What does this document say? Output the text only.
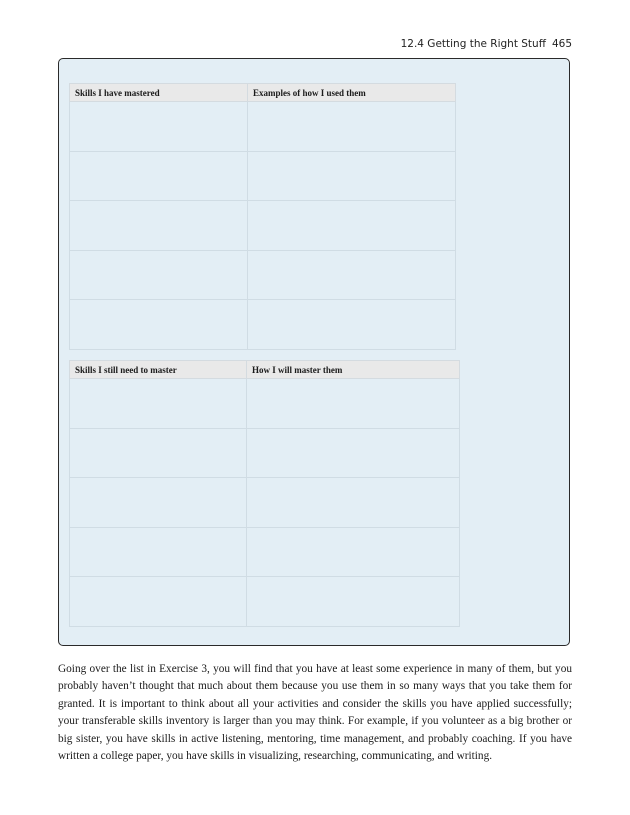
12.4 Getting the Right Stuff 465
Skills I have mastered	Examples of how I used them

Skills I still need to master	How I will master them

Going over the list in Exercise 3, you will find that you have at least some experience in many of them, but you probably haven’t thought that much about them because you use them in so many ways that you take them for granted. It is important to think about all your activities and consider the skills you have applied successfully; your transferable skills inventory is larger than you may think. For example, if you volunteer as a big brother or big sister, you have skills in active listening, mentoring, time management, and probably coaching. If you have written a college paper, you have skills in visualizing, researching, communicating, and writing.
